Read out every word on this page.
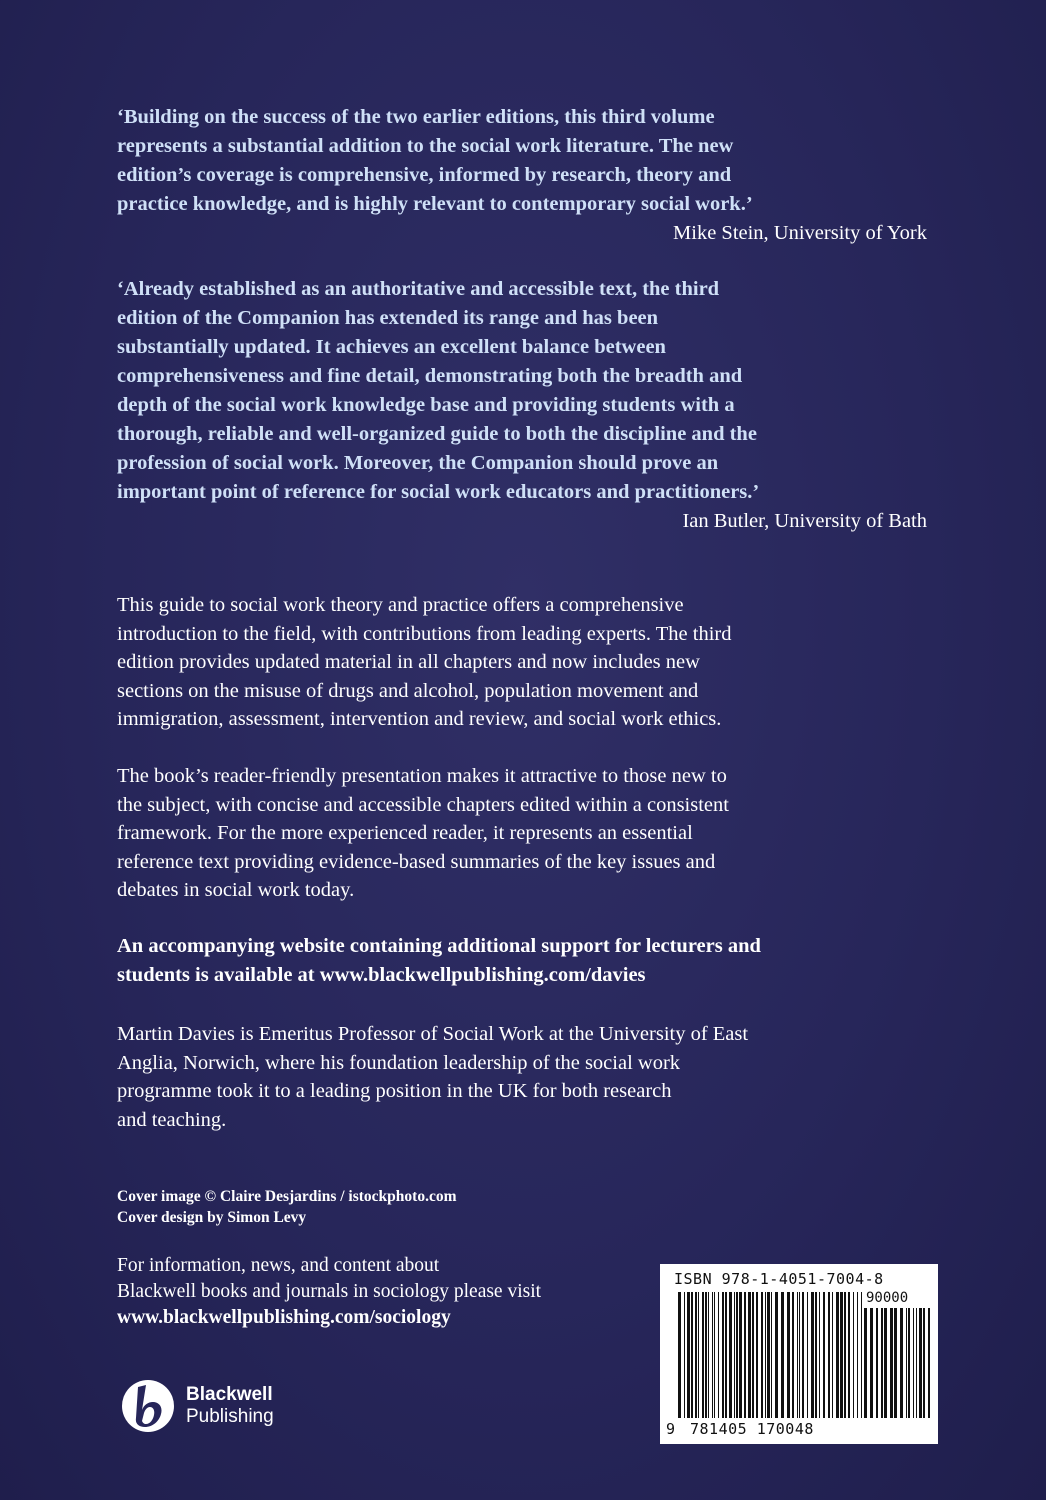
‘Building on the success of the two earlier editions, this third volume
represents a substantial addition to the social work literature. The new
edition’s coverage is comprehensive, informed by research, theory and
practice knowledge, and is highly relevant to contemporary social work.’
Mike Stein, University of York
‘Already established as an authoritative and accessible text, the third
edition of the Companion has extended its range and has been
substantially updated. It achieves an excellent balance between
comprehensiveness and fine detail, demonstrating both the breadth and
depth of the social work knowledge base and providing students with a
thorough, reliable and well-organized guide to both the discipline and the
profession of social work. Moreover, the Companion should prove an
important point of reference for social work educators and practitioners.’
Ian Butler, University of Bath
This guide to social work theory and practice offers a comprehensive
introduction to the field, with contributions from leading experts. The third
edition provides updated material in all chapters and now includes new
sections on the misuse of drugs and alcohol, population movement and
immigration, assessment, intervention and review, and social work ethics.
The book’s reader-friendly presentation makes it attractive to those new to
the subject, with concise and accessible chapters edited within a consistent
framework. For the more experienced reader, it represents an essential
reference text providing evidence-based summaries of the key issues and
debates in social work today.
An accompanying website containing additional support for lecturers and
students is available at www.blackwellpublishing.com/davies
Martin Davies is Emeritus Professor of Social Work at the University of East
Anglia, Norwich, where his foundation leadership of the social work
programme took it to a leading position in the UK for both research
and teaching.
Cover image © Claire Desjardins / istockphoto.com
Cover design by Simon Levy
For information, news, and content about
Blackwell books and journals in sociology please visit
www.blackwellpublishing.com/sociology
Blackwell
Publishing
ISBN 978-1-4051-7004-8
90000
9 781405 170048
